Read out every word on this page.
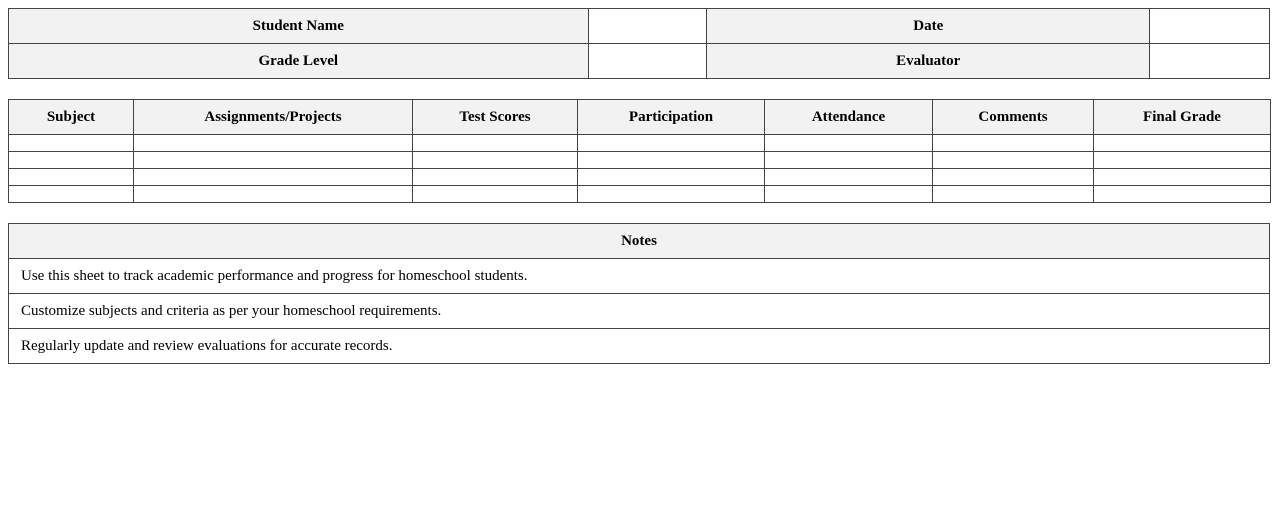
Student Name		Date	
Grade Level		Evaluator	
Subject	Assignments/Projects	Test Scores	Participation	Attendance	Comments	Final Grade

Notes
Use this sheet to track academic performance and progress for homeschool students.
Customize subjects and criteria as per your homeschool requirements.
Regularly update and review evaluations for accurate records.
